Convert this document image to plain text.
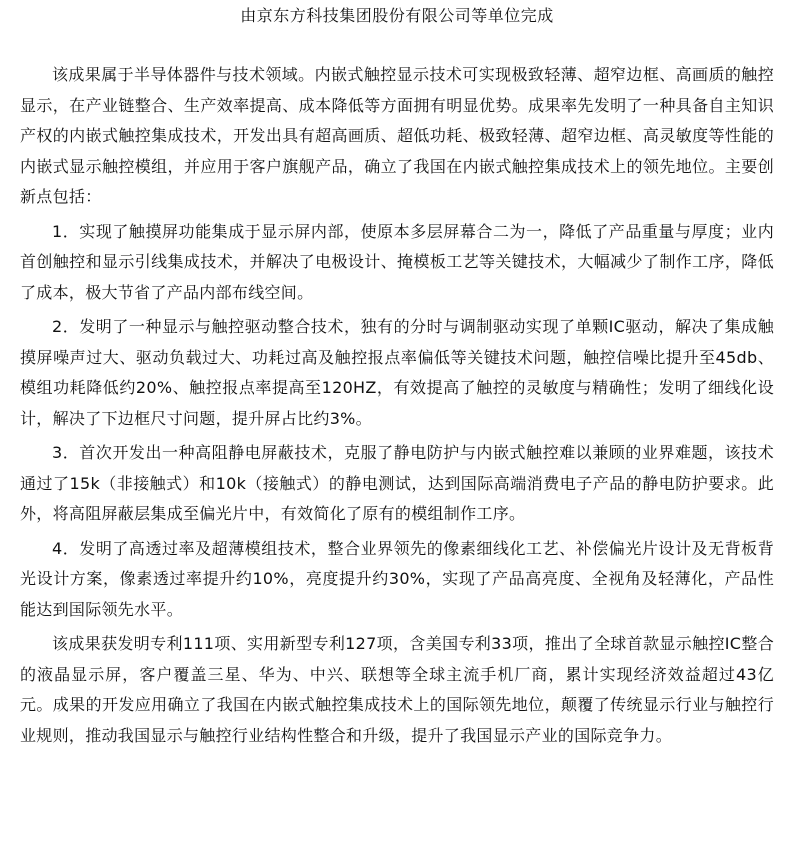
由京东方科技集团股份有限公司等单位完成

该成果属于半导体器件与技术领域。内嵌式触控显示技术可实现极致轻薄、超窄边框、高画质的触控显示，在产业链整合、生产效率提高、成本降低等方面拥有明显优势。成果率先发明了一种具备自主知识产权的内嵌式触控集成技术，开发出具有超高画质、超低功耗、极致轻薄、超窄边框、高灵敏度等性能的内嵌式显示触控模组，并应用于客户旗舰产品，确立了我国在内嵌式触控集成技术上的领先地位。主要创新点包括：

1．实现了触摸屏功能集成于显示屏内部，使原本多层屏幕合二为一，降低了产品重量与厚度；业内首创触控和显示引线集成技术，并解决了电极设计、掩模板工艺等关键技术，大幅减少了制作工序，降低了成本，极大节省了产品内部布线空间。

2．发明了一种显示与触控驱动整合技术，独有的分时与调制驱动实现了单颗IC驱动，解决了集成触摸屏噪声过大、驱动负载过大、功耗过高及触控报点率偏低等关键技术问题，触控信噪比提升至45db、模组功耗降低约20%、触控报点率提高至120HZ，有效提高了触控的灵敏度与精确性；发明了细线化设计，解决了下边框尺寸问题，提升屏占比约3%。

3．首次开发出一种高阻静电屏蔽技术，克服了静电防护与内嵌式触控难以兼顾的业界难题，该技术通过了15k（非接触式）和10k（接触式）的静电测试，达到国际高端消费电子产品的静电防护要求。此外，将高阻屏蔽层集成至偏光片中，有效简化了原有的模组制作工序。

4．发明了高透过率及超薄模组技术，整合业界领先的像素细线化工艺、补偿偏光片设计及无背板背光设计方案，像素透过率提升约10%，亮度提升约30%，实现了产品高亮度、全视角及轻薄化，产品性能达到国际领先水平。

该成果获发明专利111项、实用新型专利127项，含美国专利33项，推出了全球首款显示触控IC整合的液晶显示屏，客户覆盖三星、华为、中兴、联想等全球主流手机厂商，累计实现经济效益超过43亿元。成果的开发应用确立了我国在内嵌式触控集成技术上的国际领先地位，颠覆了传统显示行业与触控行业规则，推动我国显示与触控行业结构性整合和升级，提升了我国显示产业的国际竞争力。
